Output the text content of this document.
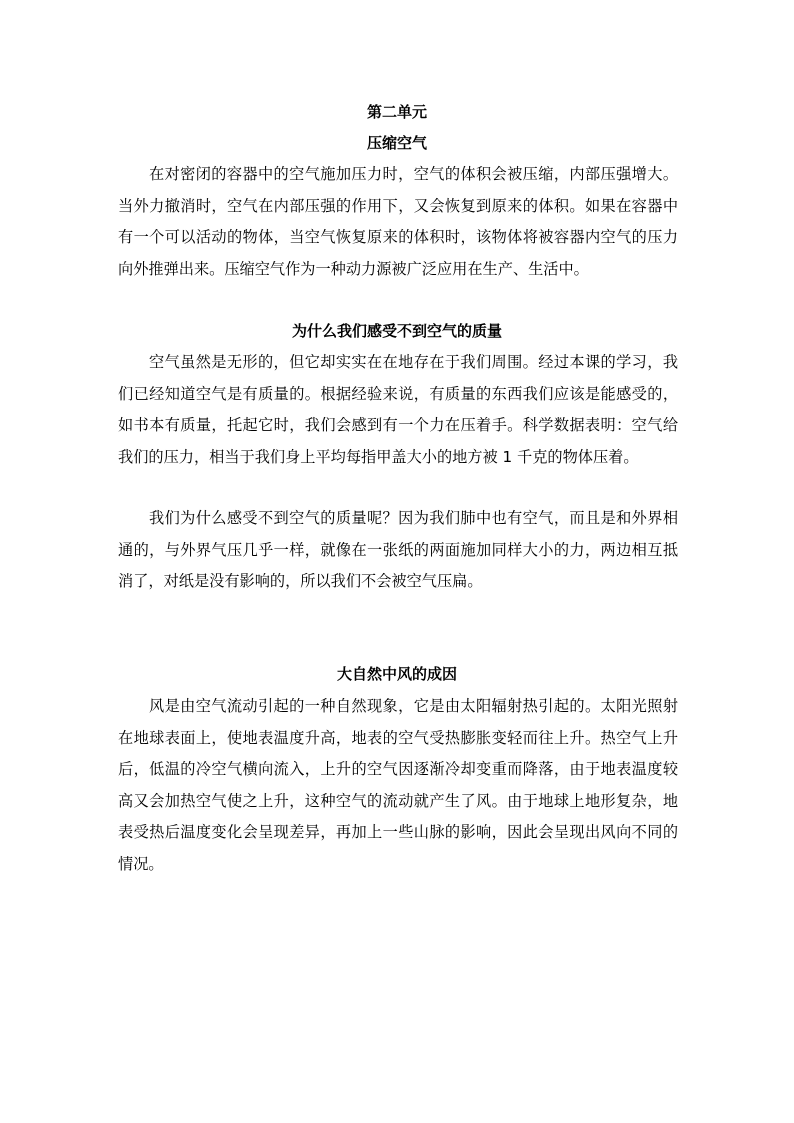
第二单元
压缩空气

在对密闭的容器中的空气施加压力时，空气的体积会被压缩，内部压强增大。当外力撤消时，空气在内部压强的作用下，又会恢复到原来的体积。如果在容器中有一个可以活动的物体，当空气恢复原来的体积时，该物体将被容器内空气的压力向外推弹出来。压缩空气作为一种动力源被广泛应用在生产、生活中。

为什么我们感受不到空气的质量

空气虽然是无形的，但它却实实在在地存在于我们周围。经过本课的学习，我们已经知道空气是有质量的。根据经验来说，有质量的东西我们应该是能感受的，如书本有质量，托起它时，我们会感到有一个力在压着手。科学数据表明：空气给我们的压力，相当于我们身上平均每指甲盖大小的地方被 1 千克的物体压着。

我们为什么感受不到空气的质量呢？因为我们肺中也有空气，而且是和外界相通的，与外界气压几乎一样，就像在一张纸的两面施加同样大小的力，两边相互抵消了，对纸是没有影响的，所以我们不会被空气压扁。

大自然中风的成因

风是由空气流动引起的一种自然现象，它是由太阳辐射热引起的。太阳光照射在地球表面上，使地表温度升高，地表的空气受热膨胀变轻而往上升。热空气上升后，低温的冷空气横向流入，上升的空气因逐渐冷却变重而降落，由于地表温度较高又会加热空气使之上升，这种空气的流动就产生了风。由于地球上地形复杂，地表受热后温度变化会呈现差异，再加上一些山脉的影响，因此会呈现出风向不同的情况。
